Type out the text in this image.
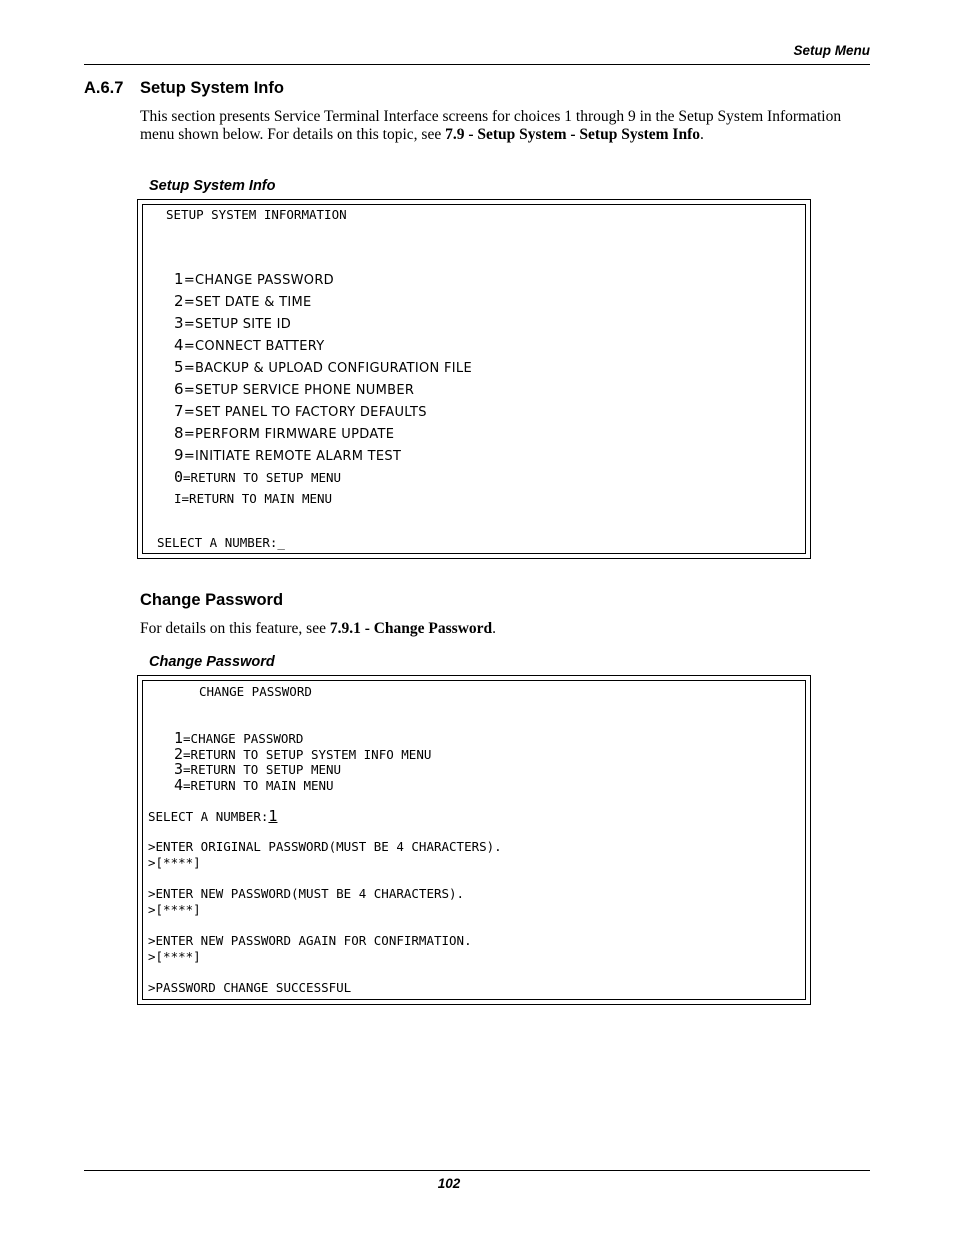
Setup Menu
A.6.7 Setup System Info
This section presents Service Terminal Interface screens for choices 1 through 9 in the Setup System Information menu shown below. For details on this topic, see 7.9 - Setup System - Setup System Info.
Setup System Info
SETUP SYSTEM INFORMATION
1=CHANGE PASSWORD
2=SET DATE & TIME
3=SETUP SITE ID
4=CONNECT BATTERY
5=BACKUP & UPLOAD CONFIGURATION FILE
6=SETUP SERVICE PHONE NUMBER
7=SET PANEL TO FACTORY DEFAULTS
8=PERFORM FIRMWARE UPDATE
9=INITIATE REMOTE ALARM TEST
0=RETURN TO SETUP MENU
I=RETURN TO MAIN MENU
SELECT A NUMBER:_
Change Password
For details on this feature, see 7.9.1 - Change Password.
Change Password
CHANGE PASSWORD
1=CHANGE PASSWORD
2=RETURN TO SETUP SYSTEM INFO MENU
3=RETURN TO SETUP MENU
4=RETURN TO MAIN MENU
SELECT A NUMBER:1
>ENTER ORIGINAL PASSWORD(MUST BE 4 CHARACTERS).
>[****]
>ENTER NEW PASSWORD(MUST BE 4 CHARACTERS).
>[****]
>ENTER NEW PASSWORD AGAIN FOR CONFIRMATION.
>[****]
>PASSWORD CHANGE SUCCESSFUL
102
